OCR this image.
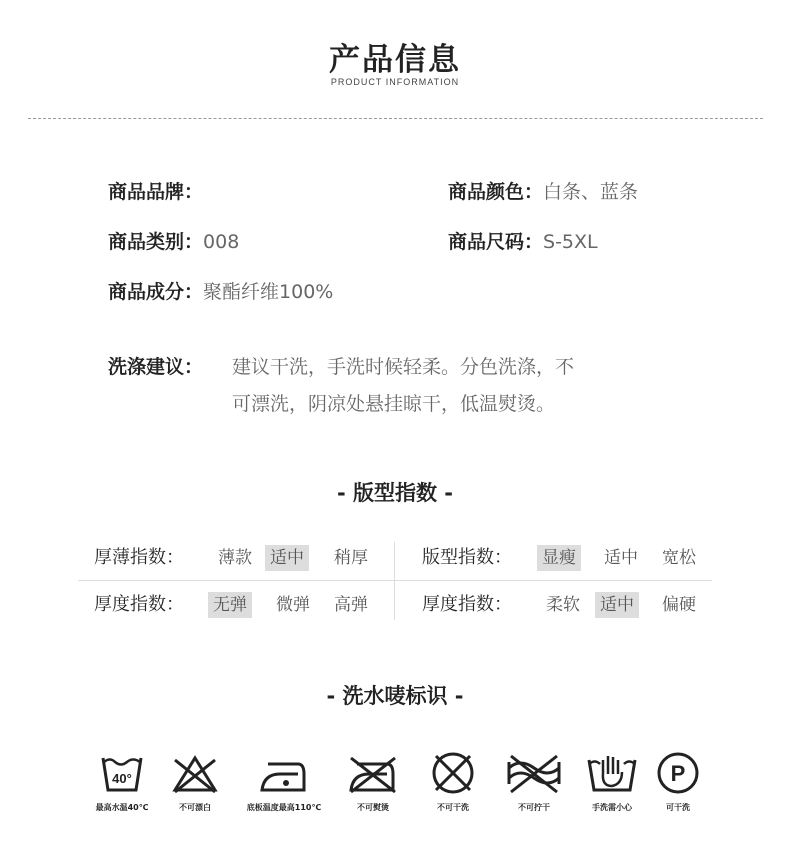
产品信息
PRODUCT INFORMATION
商品品牌：	商品颜色：白条、蓝条
商品类别：008	商品尺码：S-5XL
商品成分：聚酯纤维100%
洗涤建议： 建议干洗，手洗时候轻柔。分色洗涤，不
可漂洗，阴凉处悬挂晾干，低温熨烫。
- 版型指数 -
厚薄指数： 薄款 适中 稍厚	版型指数： 显瘦 适中 宽松
厚度指数： 无弹 微弹 高弹	厚度指数： 柔软 适中 偏硬
- 洗水唛标识 -
40°
最高水温40℃	不可漂白	底板温度最高110℃	不可熨烫	不可干洗	不可拧干	手洗需小心
P
可干洗
